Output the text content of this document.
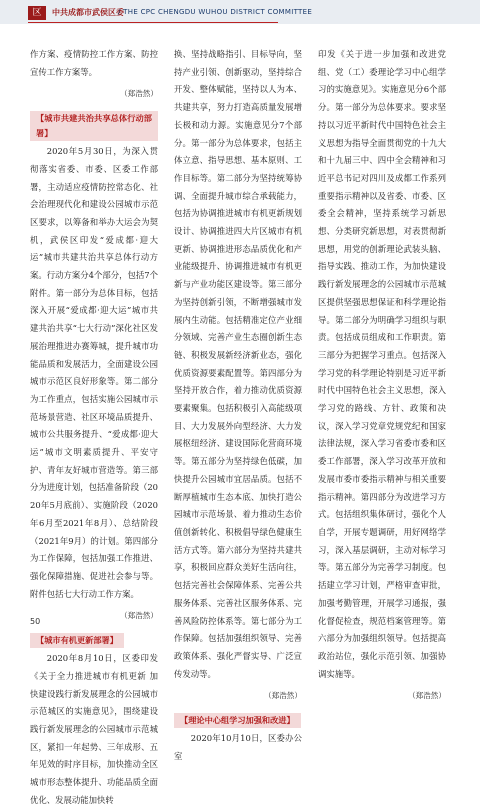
区	中共成都市武侯区委
/ THE CPC CHENGDU WUHOU DISTRICT COMMITTEE

作方案、疫情防控工作方案、防控宣传工作方案等。

（郑浩然）
【城市共建共治共享总体行动部署】

2020年5月30日，为深入贯彻落实省委、市委、区委工作部署，主动适应疫情防控常态化、社会治理现代化和建设公园城市示范区要求，以筹备和举办大运会为契机，武侯区印发“爱成都·迎大运”城市共建共治共享总体行动方案。行动方案分4个部分，包括7个附件。第一部分为总体目标，包括深入开展“爱成都·迎大运”城市共建共治共享“七大行动”深化社区发展治理推进办赛筹城，提升城市功能品质和发展活力，全面建设公园城市示范区良好形象等。第二部分为工作重点，包括实施公园城市示范场景营造、社区环境品质提升、城市公共服务提升、“爱成都·迎大运”城市文明素质提升、平安守护、青年友好城市营造等。第三部分为进度计划，包括准备阶段（2020年5月底前）、实施阶段（2020年6月至2021年8月）、总结阶段（2021年9月）的计划。第四部分为工作保障，包括加强工作推进、强化保障措施、促进社会参与等。附件包括七大行动工作方案。

（郑浩然）
【城市有机更新部署】

2020年8月10日，区委印发《关于全力推进城市有机更新 加快建设践行新发展理念的公园城市示范城区的实施意见》，围绕建设践行新发展理念的公园城市示范城区，紧扣一年起势、三年成形、五年见效的时序目标，加快推动全区城市形态整体提升、功能品质全面优化、发展动能加快转

换、坚持战略指引、目标导向，坚持产业引领、创新驱动，坚持综合开发、整体赋能，坚持以人为本、共建共享，努力打造高质量发展增长极和动力源。实施意见分7个部分。第一部分为总体要求，包括主体立意、指导思想、基本原则、工作目标等。第二部分为坚持统筹协调、全面提升城市综合承载能力，包括为协调推进城市有机更新规划设计、协调推进四大片区城市有机更新、协调推进形态品质优化和产业能级提升、协调推进城市有机更新与产业功能区建设等。第三部分为坚持创新引领，不断增强城市发展内生动能。包括精准定位产业细分领域、完善产业生态圈创新生态链、积极发展新经济新业态，强化优质资源要素配置等。第四部分为坚持开放合作，着力推动优质资源要素聚集。包括积极引入高能级项目、大力发展外向型经济、大力发展枢纽经济、建设国际化营商环境等。第五部分为坚持绿色低碳，加快提升公园城市宜居品质。包括不断厚植城市生态本底、加快打造公园城市示范场景、着力推动生态价值创新转化、积极倡导绿色健康生活方式等。第六部分为坚持共建共享，积极回应群众美好生活向往，包括完善社会保障体系、完善公共服务体系、完善社区服务体系、完善风险防控体系等。第七部分为工作保障。包括加强组织领导、完善政策体系、强化严督实导、广泛宣传发动等。

（郑浩然）
【理论中心组学习加强和改进】

2020年10月10日，区委办公室

印发《关于进一步加强和改进党组、党（工）委理论学习中心组学习的实施意见》。实施意见分6个部分。第一部分为总体要求。要求坚持以习近平新时代中国特色社会主义思想为指导全面贯彻党的十九大和十九届三中、四中全会精神和习近平总书记对四川及成都工作系列重要指示精神以及省委、市委、区委全会精神，坚持系统学习新思想、分类研究新思想，对表贯彻新思想，用党的创新理论武装头脑、指导实践、推动工作，为加快建设践行新发展理念的公园城市示范城区提供坚强思想保证和科学理论指导。第二部分为明确学习组织与职责。包括成员组成和工作职责。第三部分为把握学习重点。包括深入学习党的科学理论特别是习近平新时代中国特色社会主义思想，深入学习党的路线、方针、政策和决议，深入学习党章党规党纪和国家法律法规，深入学习省委市委和区委工作部署，深入学习改革开放和发展市委市委指示精神与相关重要指示精神。第四部分为改进学习方式。包括组织集体研讨，强化个人自学，开展专题调研，用好网络学习，深入基层调研，主动对标学习等。第五部分为完善学习制度。包括建立学习计划，严格审查审批，加强考勤管理，开展学习通报，强化督促检查，规范档案管理等。第六部分为加强组织领导。包括提高政治站位，强化示范引领、加强协调实施等。

（郑浩然）
50
